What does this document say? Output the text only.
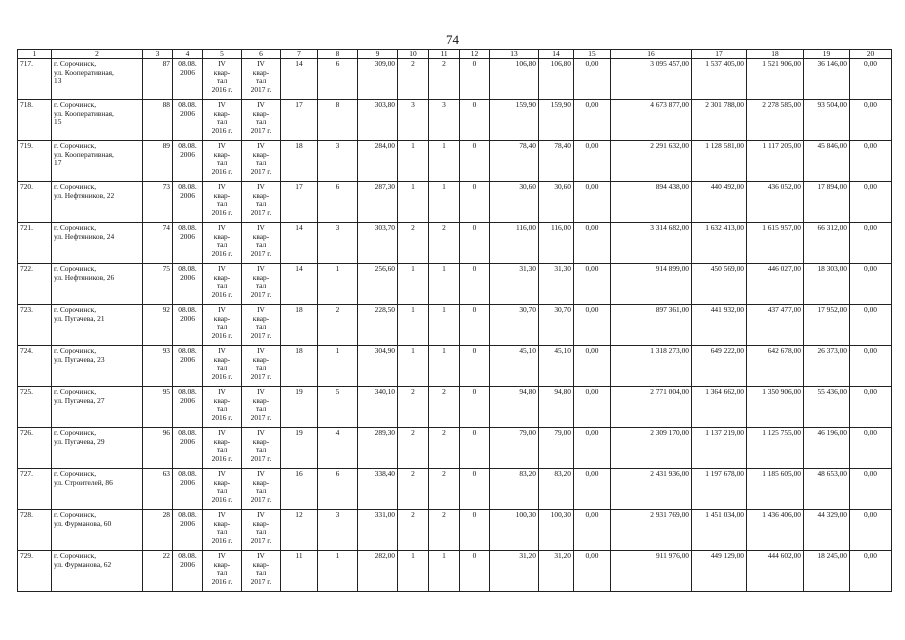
74
1	2	3	4	5	6	7	8	9	10	11	12	13	14	15	16	17	18	19	20
717.	г. Сорочинск,
ул. Кооперативная,
13	87	08.08.
2006	IV
квар-
тал
2016 г.	IV
квар-
тал
2017 г.	14	6	309,00	2	2	0	106,80	106,80	0,00	3 095 457,00	1 537 405,00	1 521 906,00	36 146,00	0,00
718.	г. Сорочинск,
ул. Кооперативная,
15	88	08.08.
2006	IV
квар-
тал
2016 г.	IV
квар-
тал
2017 г.	17	8	303,80	3	3	0	159,90	159,90	0,00	4 673 877,00	2 301 788,00	2 278 585,00	93 504,00	0,00
719.	г. Сорочинск,
ул. Кооперативная,
17	89	08.08.
2006	IV
квар-
тал
2016 г.	IV
квар-
тал
2017 г.	18	3	284,00	1	1	0	78,40	78,40	0,00	2 291 632,00	1 128 581,00	1 117 205,00	45 846,00	0,00
720.	г. Сорочинск,
ул. Нефтяников, 22	73	08.08.
2006	IV
квар-
тал
2016 г.	IV
квар-
тал
2017 г.	17	6	287,30	1	1	0	30,60	30,60	0,00	894 438,00	440 492,00	436 052,00	17 894,00	0,00
721.	г. Сорочинск,
ул. Нефтяников, 24	74	08.08.
2006	IV
квар-
тал
2016 г.	IV
квар-
тал
2017 г.	14	3	303,70	2	2	0	116,00	116,00	0,00	3 314 682,00	1 632 413,00	1 615 957,00	66 312,00	0,00
722.	г. Сорочинск,
ул. Нефтяников, 26	75	08.08.
2006	IV
квар-
тал
2016 г.	IV
квар-
тал
2017 г.	14	1	256,60	1	1	0	31,30	31,30	0,00	914 899,00	450 569,00	446 027,00	18 303,00	0,00
723.	г. Сорочинск,
ул. Пугачева, 21	92	08.08.
2006	IV
квар-
тал
2016 г.	IV
квар-
тал
2017 г.	18	2	228,50	1	1	0	30,70	30,70	0,00	897 361,00	441 932,00	437 477,00	17 952,00	0,00
724.	г. Сорочинск,
ул. Пугачева, 23	93	08.08.
2006	IV
квар-
тал
2016 г.	IV
квар-
тал
2017 г.	18	1	304,90	1	1	0	45,10	45,10	0,00	1 318 273,00	649 222,00	642 678,00	26 373,00	0,00
725.	г. Сорочинск,
ул. Пугачева, 27	95	08.08.
2006	IV
квар-
тал
2016 г.	IV
квар-
тал
2017 г.	19	5	340,10	2	2	0	94,80	94,80	0,00	2 771 004,00	1 364 662,00	1 350 906,00	55 436,00	0,00
726.	г. Сорочинск,
ул. Пугачева, 29	96	08.08.
2006	IV
квар-
тал
2016 г.	IV
квар-
тал
2017 г.	19	4	289,30	2	2	0	79,00	79,00	0,00	2 309 170,00	1 137 219,00	1 125 755,00	46 196,00	0,00
727.	г. Сорочинск,
ул. Строителей, 86	63	08.08.
2006	IV
квар-
тал
2016 г.	IV
квар-
тал
2017 г.	16	6	338,40	2	2	0	83,20	83,20	0,00	2 431 936,00	1 197 678,00	1 185 605,00	48 653,00	0,00
728.	г. Сорочинск,
ул. Фурманова, 60	28	08.08.
2006	IV
квар-
тал
2016 г.	IV
квар-
тал
2017 г.	12	3	331,00	2	2	0	100,30	100,30	0,00	2 931 769,00	1 451 034,00	1 436 406,00	44 329,00	0,00
729.	г. Сорочинск,
ул. Фурманова, 62	22	08.08.
2006	IV
квар-
тал
2016 г.	IV
квар-
тал
2017 г.	11	1	282,00	1	1	0	31,20	31,20	0,00	911 976,00	449 129,00	444 602,00	18 245,00	0,00
